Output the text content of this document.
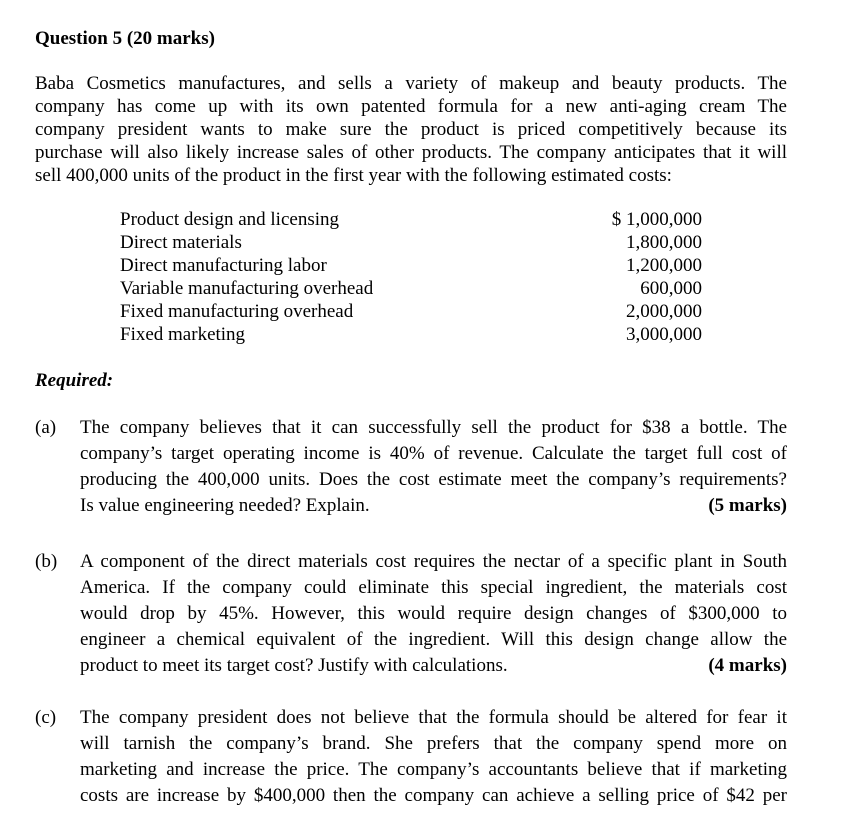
Question 5 (20 marks)
Baba Cosmetics manufactures, and sells a variety of makeup and beauty products. The
company has come up with its own patented formula for a new anti-aging cream The
company president wants to make sure the product is priced competitively because its
purchase will also likely increase sales of other products. The company anticipates that it will
sell 400,000 units of the product in the first year with the following estimated costs:
Product design and licensing	$ 1,000,000
Direct materials	1,800,000
Direct manufacturing labor	1,200,000
Variable manufacturing overhead	600,000
Fixed manufacturing overhead	2,000,000
Fixed marketing	3,000,000
Required:
(a) The company believes that it can successfully sell the product for $38 a bottle. The
company’s target operating income is 40% of revenue. Calculate the target full cost of
producing the 400,000 units. Does the cost estimate meet the company’s requirements?
Is value engineering needed? Explain.	(5 marks)
(b) A component of the direct materials cost requires the nectar of a specific plant in South
America. If the company could eliminate this special ingredient, the materials cost
would drop by 45%. However, this would require design changes of $300,000 to
engineer a chemical equivalent of the ingredient. Will this design change allow the
product to meet its target cost? Justify with calculations.	(4 marks)
(c) The company president does not believe that the formula should be altered for fear it
will tarnish the company’s brand. She prefers that the company spend more on
marketing and increase the price. The company’s accountants believe that if marketing
costs are increase by $400,000 then the company can achieve a selling price of $42 per
